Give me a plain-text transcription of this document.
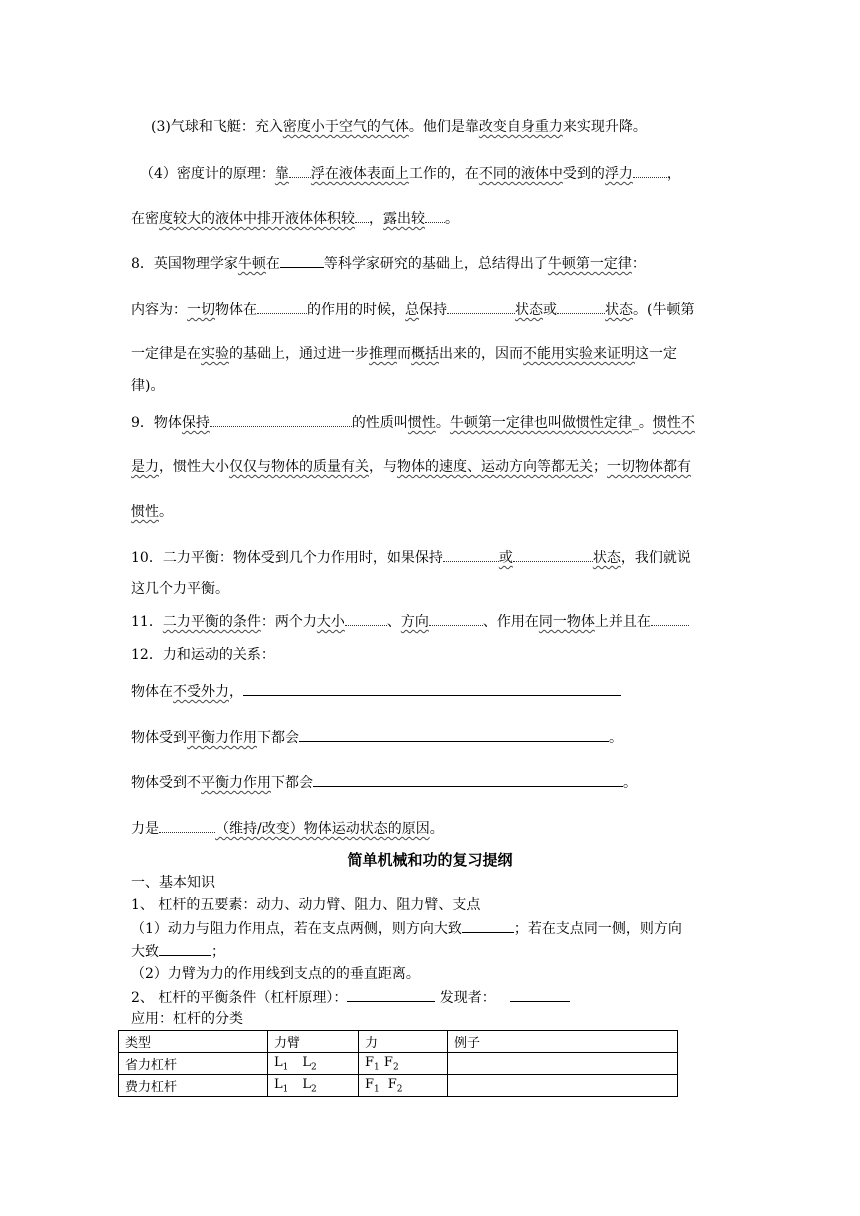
(3)气球和飞艇：充入密度小于空气的气体。他们是靠改变自身重力来实现升降。
（4）密度计的原理：靠 浮在液体表面上工作的，在不同的液体中受到的浮力 ，
在密度较大的液体中排开液体体积较 ，露出较 。
8．英国物理学家牛顿在	等科学家研究的基础上，总结得出了牛顿第一定律：
内容为：一切物体在	的作用的时候，总保持	状态或	状态。(牛顿第
一定律是在实验的基础上，通过进一步推理而概括出来的，因而不能用实验来证明这一定
律)。
9．物体保持	的性质叫惯性。牛顿第一定律也叫做惯性定律_。惯性不
是力，惯性大小仅仅与物体的质量有关，与物体的速度、运动方向等都无关；一切物体都有
惯性。
10．二力平衡：物体受到几个力作用时，如果保持	或	状态，我们就说
这几个力平衡。
11．二力平衡的条件：两个力大小	、方向	、作用在同一物体上并且在
12．力和运动的关系：
物体在不受外力，
物体受到平衡力作用下都会	。
物体受到不平衡力作用下都会	。
力是	（维持/改变）物体运动状态的原因。
简单机械和功的复习提纲
一、基本知识
1、 杠杆的五要素：动力、动力臂、阻力、阻力臂、支点
（1）动力与阻力作用点，若在支点两侧，则方向大致	；若在支点同一侧，则方向
大致	；
（2）力臂为力的作用线到支点的的垂直距离。
2、 杠杆的平衡条件（杠杆原理）：	发现者：
应用：杠杆的分类
类型	力臂	力	例子
省力杠杆	$L_1$ $L_2$	$F_1$ $F_2$	
费力杠杆	$L_1$ $L_2$	$F_1$ $F_2$	
